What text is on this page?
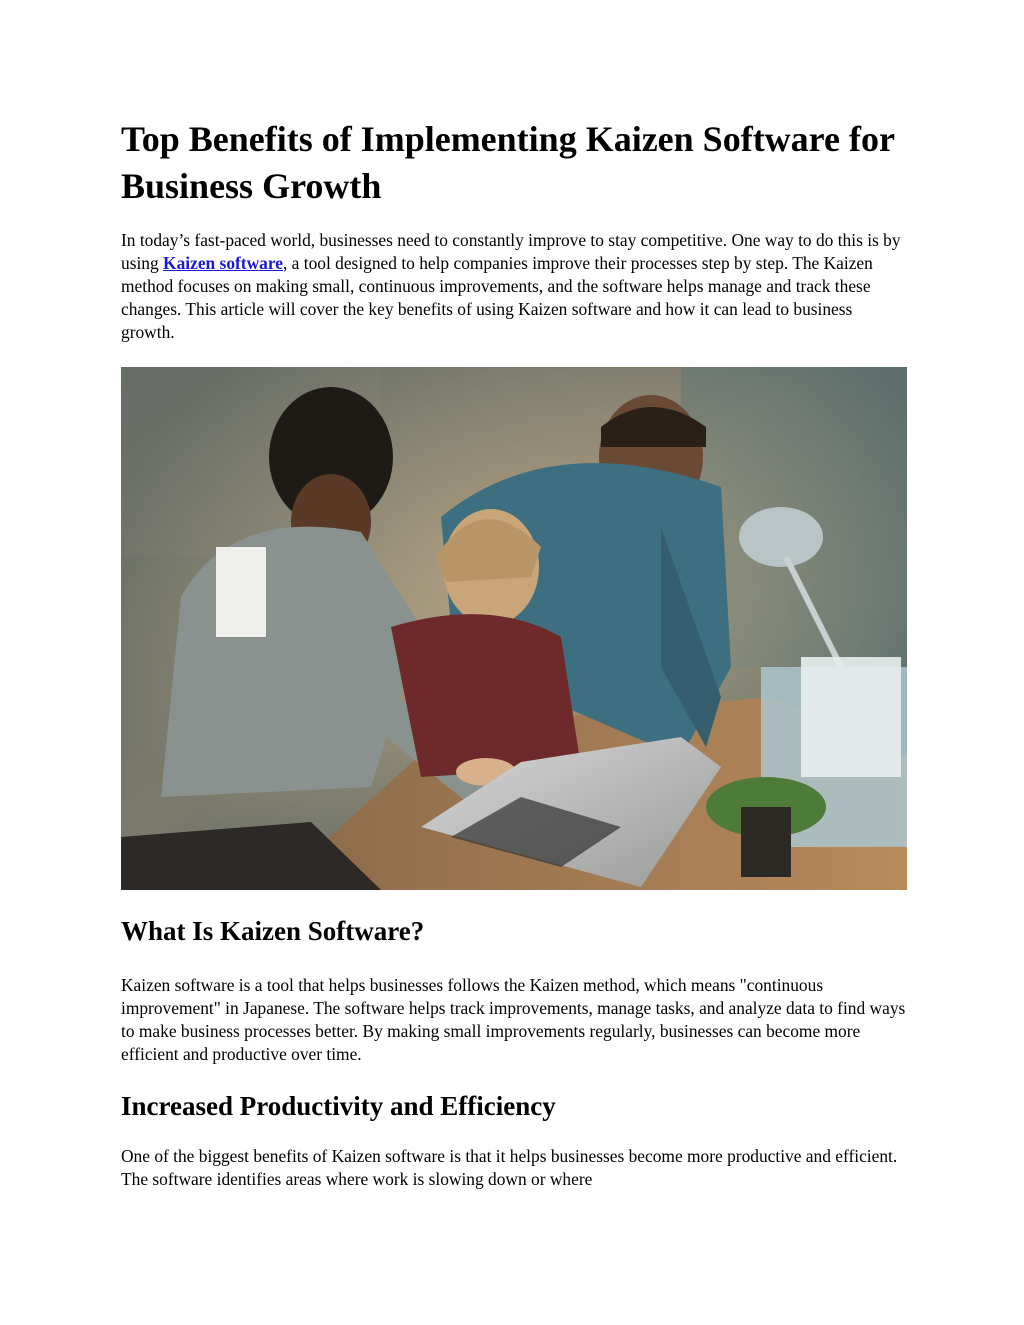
Top Benefits of Implementing Kaizen Software for Business Growth

In today’s fast-paced world, businesses need to constantly improve to stay competitive. One way to do this is by using Kaizen software, a tool designed to help companies improve their processes step by step. The Kaizen method focuses on making small, continuous improvements, and the software helps manage and track these changes. This article will cover the key benefits of using Kaizen software and how it can lead to business growth.

What Is Kaizen Software?

Kaizen software is a tool that helps businesses follows the Kaizen method, which means "continuous improvement" in Japanese. The software helps track improvements, manage tasks, and analyze data to find ways to make business processes better. By making small improvements regularly, businesses can become more efficient and productive over time.

Increased Productivity and Efficiency

One of the biggest benefits of Kaizen software is that it helps businesses become more productive and efficient. The software identifies areas where work is slowing down or where
